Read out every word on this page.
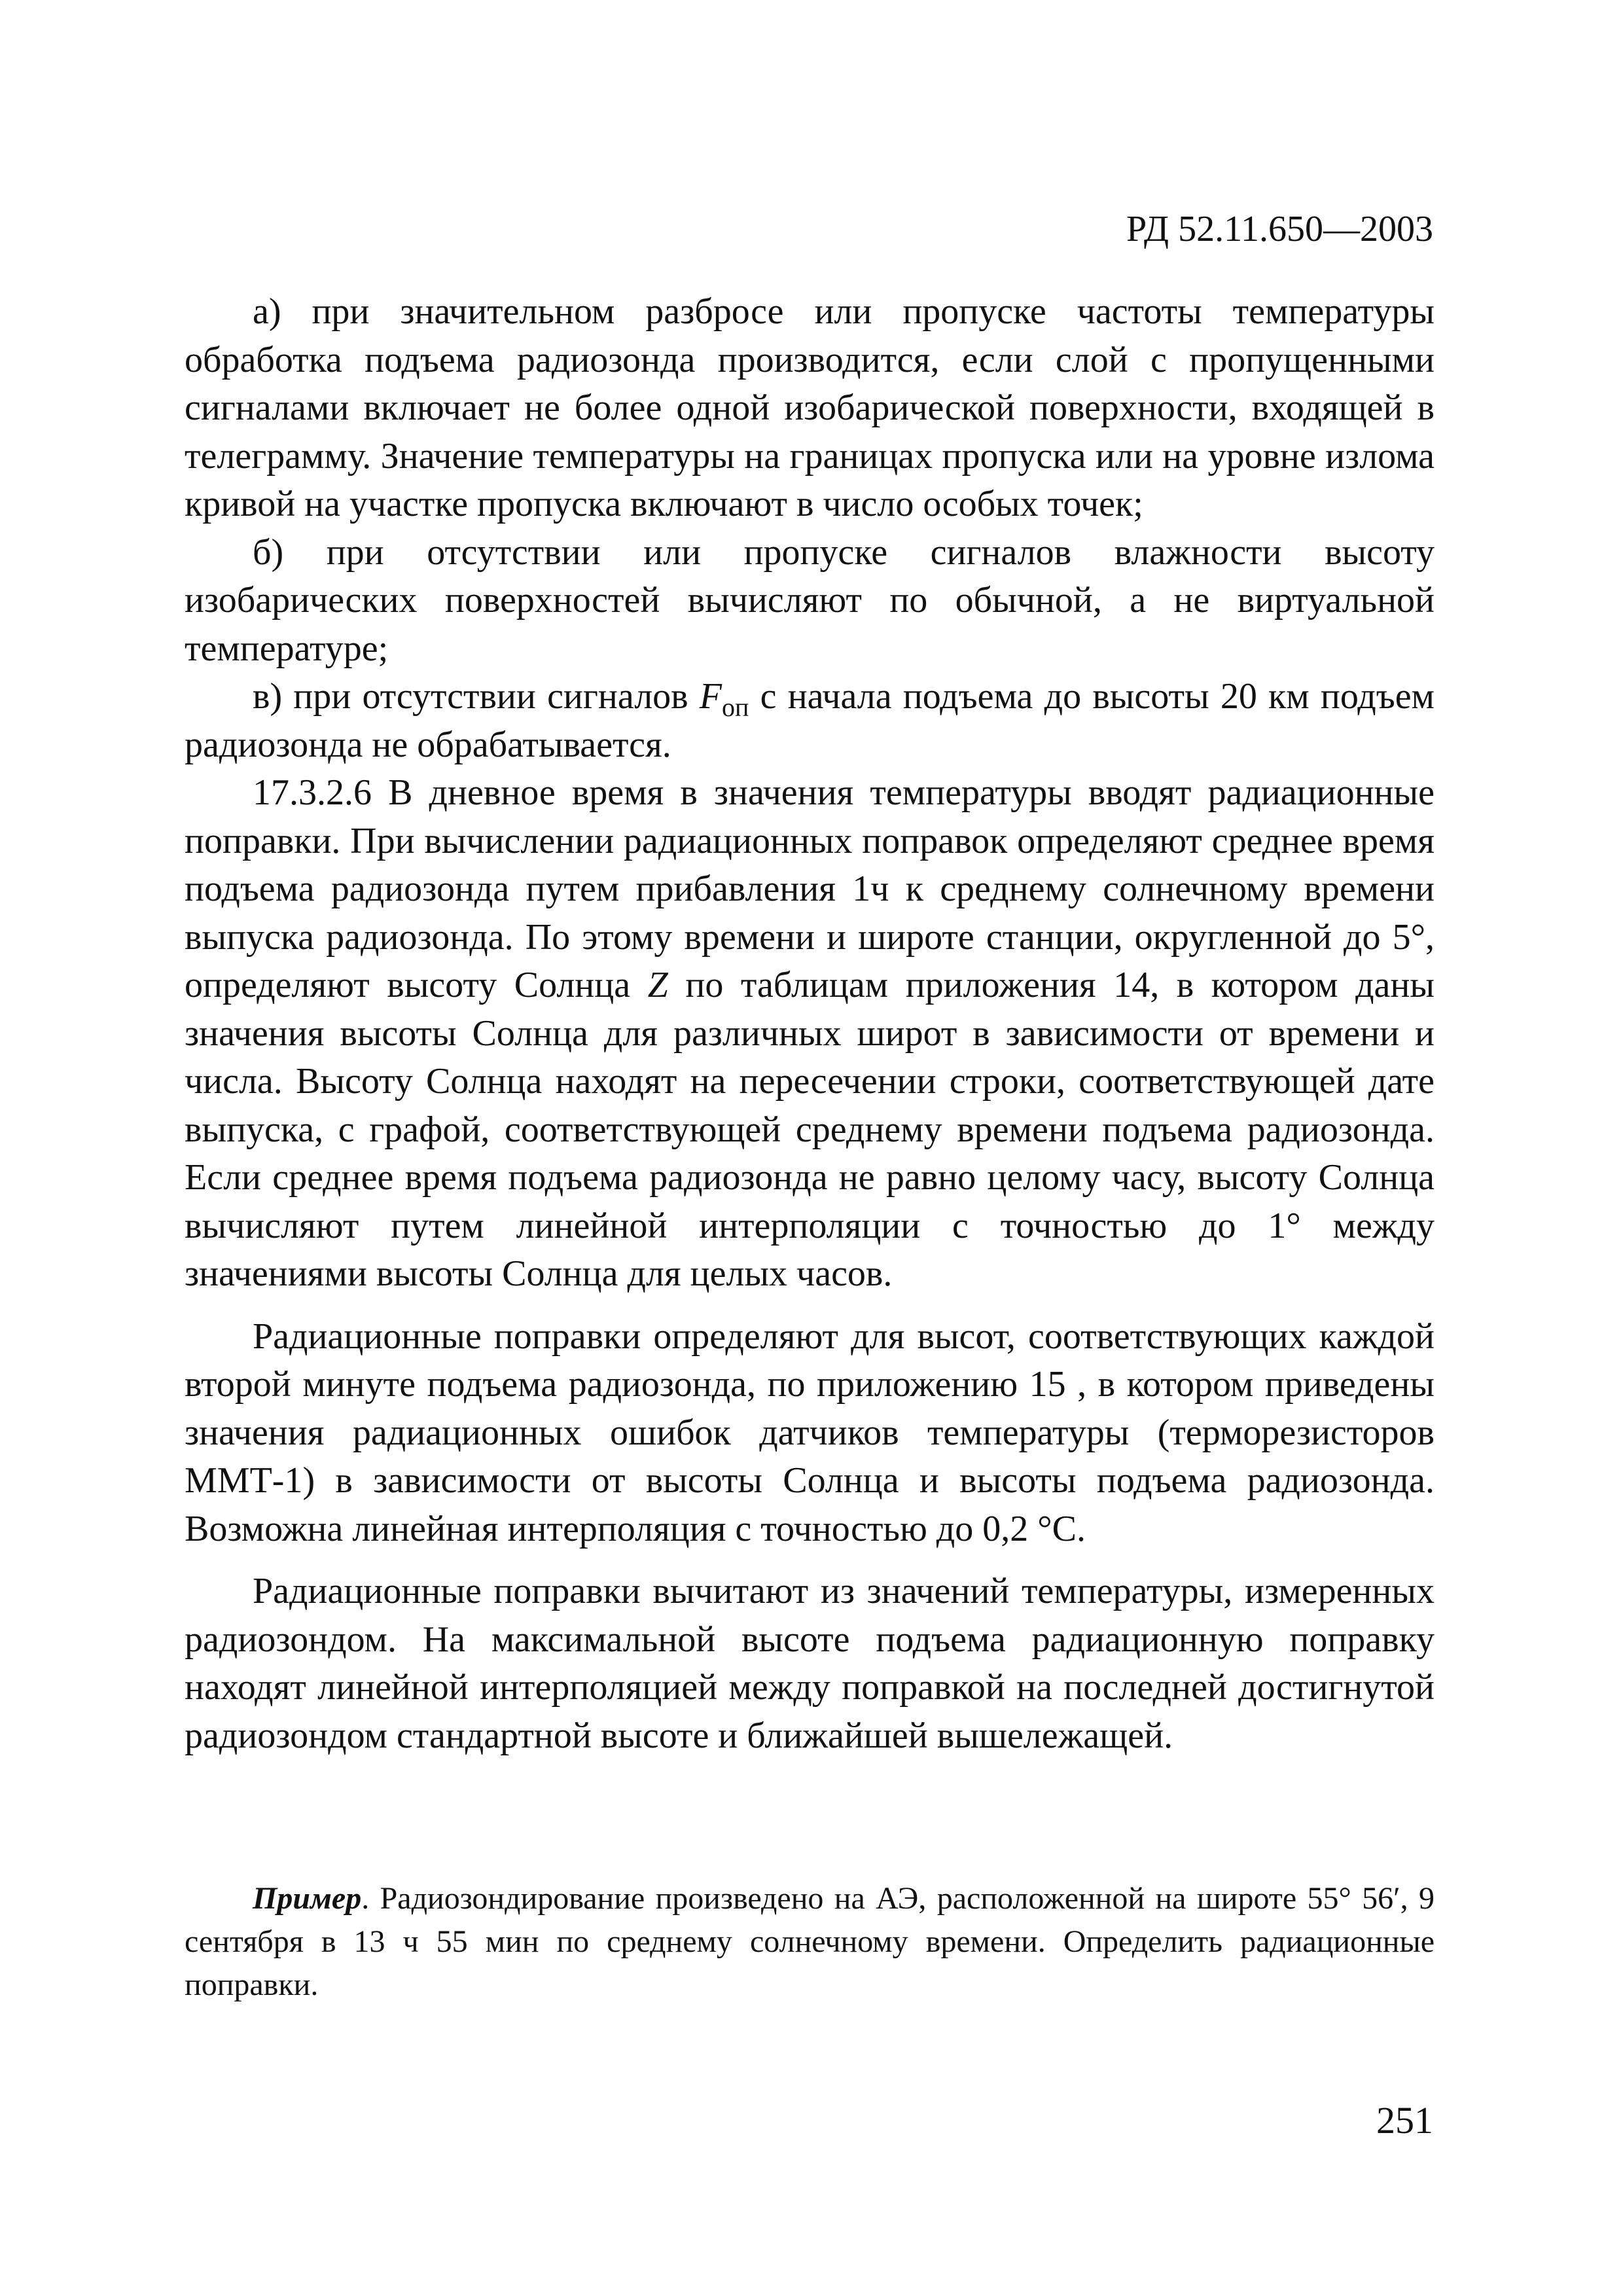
РД 52.11.650—2003

а) при значительном разбросе или пропуске частоты температуры обработка подъема радиозонда производится, если слой с пропущенными сигналами включает не более одной изобарической поверхности, входящей в телеграмму. Значение температуры на границах пропуска или на уровне излома кривой на участке пропуска включают в число особых точек;

б) при отсутствии или пропуске сигналов влажности высоту изобарических поверхностей вычисляют по обычной, а не виртуальной температуре;

в) при отсутствии сигналов $F_{оп}$ с начала подъема до высоты 20 км подъем радиозонда не обрабатывается.

17.3.2.6 В дневное время в значения температуры вводят радиационные поправки. При вычислении радиационных поправок определяют среднее время подъема радиозонда путем прибавления 1ч к среднему солнечному времени выпуска радиозонда. По этому времени и широте станции, округленной до 5°, определяют высоту Солнца Z по таблицам приложения 14, в котором даны значения высоты Солнца для различных широт в зависимости от времени и числа. Высоту Солнца находят на пересечении строки, соответствующей дате выпуска, с графой, соответствующей среднему времени подъема радиозонда. Если среднее время подъема радиозонда не равно целому часу, высоту Солнца вычисляют путем линейной интерполяции с точностью до 1° между значениями высоты Солнца для целых часов.

Радиационные поправки определяют для высот, соответствующих каждой второй минуте подъема радиозонда, по приложению 15 , в котором приведены значения радиационных ошибок датчиков температуры (терморезисторов ММТ-1) в зависимости от высоты Солнца и высоты подъема радиозонда. Возможна линейная интерполяция с точностью до 0,2 °С.

Радиационные поправки вычитают из значений температуры, измеренных радиозондом. На максимальной высоте подъема радиационную поправку находят линейной интерполяцией между поправкой на последней достигнутой радиозондом стандартной высоте и ближайшей вышележащей.

Пример. Радиозондирование произведено на АЭ, расположенной на широте 55° 56′, 9 сентября в 13 ч 55 мин по среднему солнечному времени. Определить радиационные поправки.

251
